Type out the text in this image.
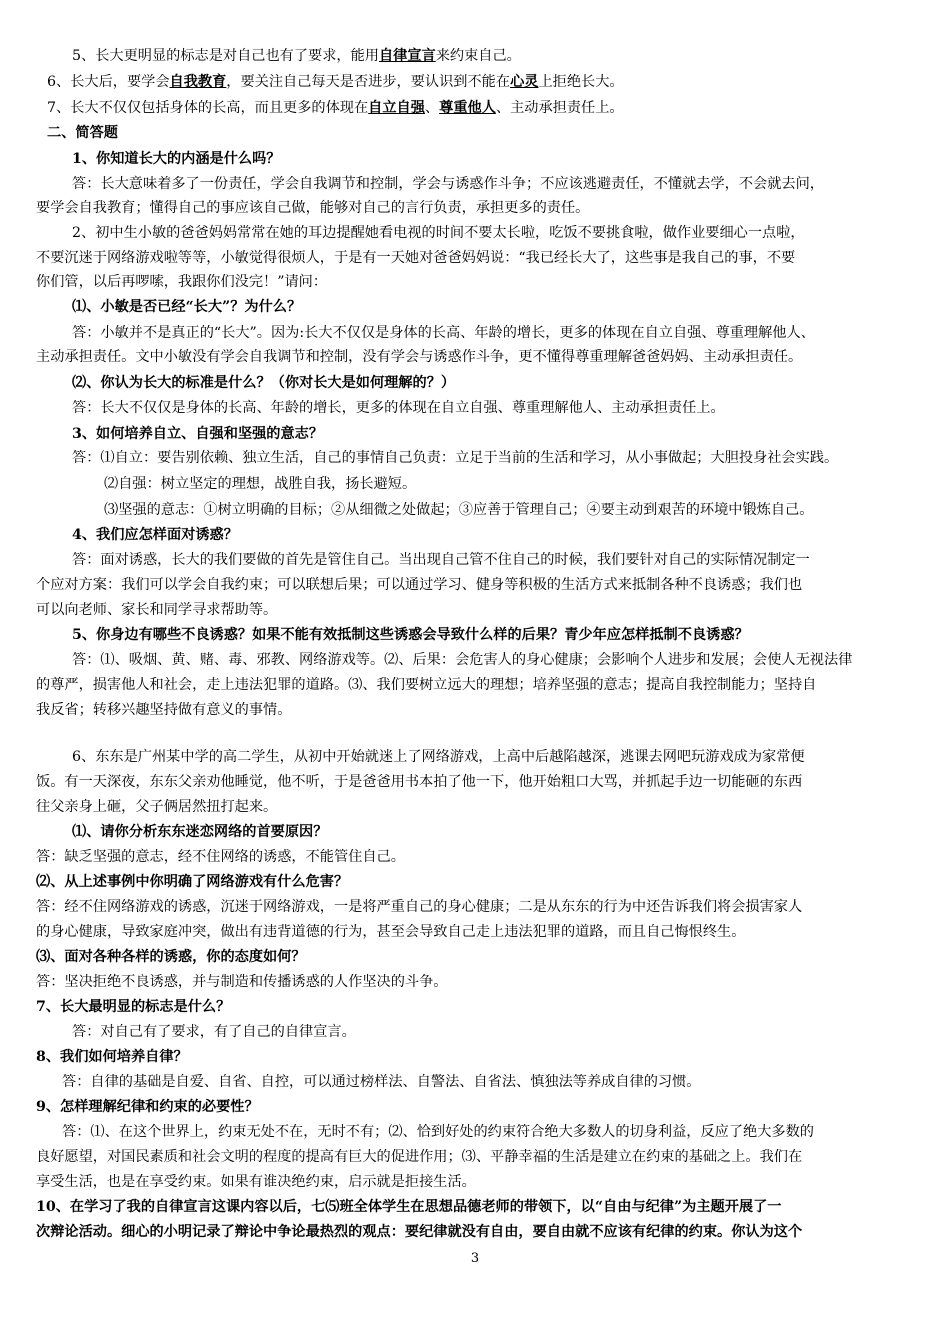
5、长大更明显的标志是对自己也有了要求，能用自律宣言来约束自己。
6、长大后，要学会自我教育，要关注自己每天是否进步，要认识到不能在心灵上拒绝长大。
7、长大不仅仅包括身体的长高，而且更多的体现在自立自强、尊重他人、主动承担责任上。
二、简答题
1、你知道长大的内涵是什么吗？
答：长大意味着多了一份责任，学会自我调节和控制，学会与诱惑作斗争；不应该逃避责任，不懂就去学，不会就去问，
要学会自我教育；懂得自己的事应该自己做，能够对自己的言行负责，承担更多的责任。
2、初中生小敏的爸爸妈妈常常在她的耳边提醒她看电视的时间不要太长啦，吃饭不要挑食啦，做作业要细心一点啦，
不要沉迷于网络游戏啦等等，小敏觉得很烦人，于是有一天她对爸爸妈妈说：“我已经长大了，这些事是我自己的事，不要
你们管，以后再啰嗦，我跟你们没完！”请问：
⑴、小敏是否已经“长大”？为什么？
答：小敏并不是真正的“长大”。因为:长大不仅仅是身体的长高、年龄的增长，更多的体现在自立自强、尊重理解他人、
主动承担责任。文中小敏没有学会自我调节和控制，没有学会与诱惑作斗争，更不懂得尊重理解爸爸妈妈、主动承担责任。
⑵、你认为长大的标准是什么？（你对长大是如何理解的？）
答：长大不仅仅是身体的长高、年龄的增长，更多的体现在自立自强、尊重理解他人、主动承担责任上。
3、如何培养自立、自强和坚强的意志？
答：⑴自立：要告别依赖、独立生活，自己的事情自己负责：立足于当前的生活和学习，从小事做起；大胆投身社会实践。
⑵自强：树立坚定的理想，战胜自我，扬长避短。
⑶坚强的意志：①树立明确的目标；②从细微之处做起；③应善于管理自己；④要主动到艰苦的环境中锻炼自己。
4、我们应怎样面对诱惑？
答：面对诱惑，长大的我们要做的首先是管住自己。当出现自己管不住自己的时候，我们要针对自己的实际情况制定一
个应对方案：我们可以学会自我约束；可以联想后果；可以通过学习、健身等积极的生活方式来抵制各种不良诱惑；我们也
可以向老师、家长和同学寻求帮助等。
5、你身边有哪些不良诱惑？如果不能有效抵制这些诱惑会导致什么样的后果？青少年应怎样抵制不良诱惑？
答：⑴、吸烟、黄、赌、毒、邪教、网络游戏等。⑵、后果：会危害人的身心健康；会影响个人进步和发展；会使人无视法律
的尊严，损害他人和社会，走上违法犯罪的道路。⑶、我们要树立远大的理想；培养坚强的意志；提高自我控制能力；坚持自
我反省；转移兴趣坚持做有意义的事情。
6、东东是广州某中学的高二学生，从初中开始就迷上了网络游戏，上高中后越陷越深，逃课去网吧玩游戏成为家常便
饭。有一天深夜，东东父亲劝他睡觉，他不听，于是爸爸用书本拍了他一下，他开始粗口大骂，并抓起手边一切能砸的东西
往父亲身上砸，父子俩居然扭打起来。
⑴、请你分析东东迷恋网络的首要原因？
答：缺乏坚强的意志，经不住网络的诱惑，不能管住自己。
⑵、从上述事例中你明确了网络游戏有什么危害？
答：经不住网络游戏的诱惑，沉迷于网络游戏，一是将严重自己的身心健康；二是从东东的行为中还告诉我们将会损害家人
的身心健康，导致家庭冲突，做出有违背道德的行为，甚至会导致自己走上违法犯罪的道路，而且自己悔恨终生。
⑶、面对各种各样的诱惑，你的态度如何？
答：坚决拒绝不良诱惑，并与制造和传播诱惑的人作坚决的斗争。
7、长大最明显的标志是什么？
答：对自己有了要求，有了自己的自律宣言。
8、我们如何培养自律？
答：自律的基础是自爱、自省、自控，可以通过榜样法、自警法、自省法、慎独法等养成自律的习惯。
9、怎样理解纪律和约束的必要性？
答：⑴、在这个世界上，约束无处不在，无时不有；⑵、恰到好处的约束符合绝大多数人的切身利益，反应了绝大多数的
良好愿望，对国民素质和社会文明的程度的提高有巨大的促进作用；⑶、平静幸福的生活是建立在约束的基础之上。我们在
享受生活，也是在享受约束。如果有谁决绝约束，启示就是拒接生活。
10、在学习了我的自律宣言这课内容以后，七⑸班全体学生在思想品德老师的带领下，以“自由与纪律”为主题开展了一
次辩论活动。细心的小明记录了辩论中争论最热烈的观点：要纪律就没有自由，要自由就不应该有纪律的约束。你认为这个
3
